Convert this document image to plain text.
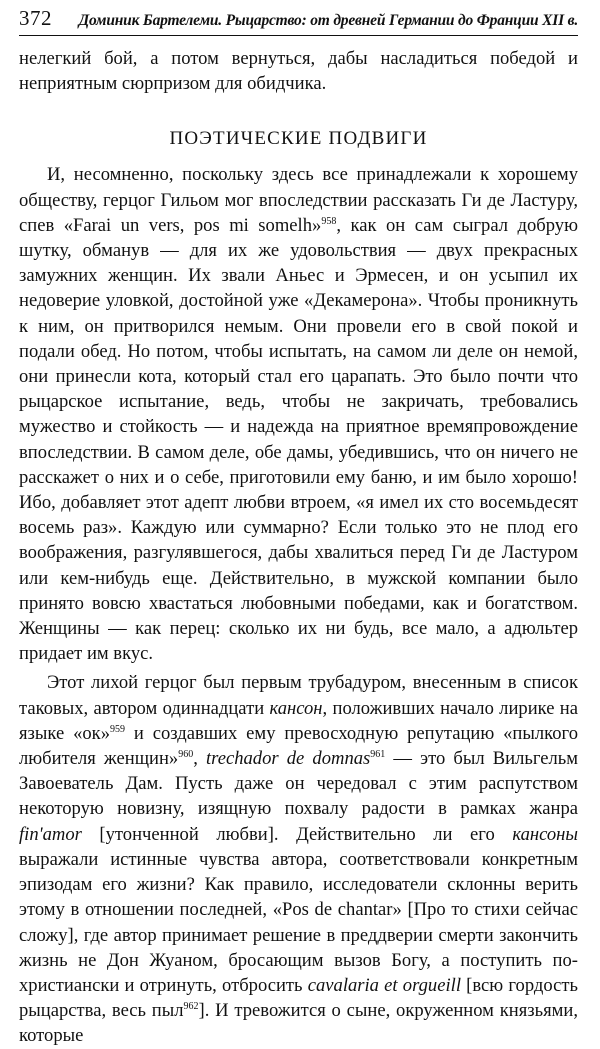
372 Доминик Бартелеми. Рыцарство: от древней Германии до Франции XII в.

нелегкий бой, а потом вернуться, дабы насладиться победой и неприятным сюрпризом для обидчика.

ПОЭТИЧЕСКИЕ ПОДВИГИ

И, несомненно, поскольку здесь все принадлежали к хорошему обществу, герцог Гильом мог впоследствии рассказать Ги де Ластуру, спев «Farai un vers, pos mi somelh»$^{958}$, как он сам сыграл добрую шутку, обманув — для их же удовольствия — двух прекрасных замужних женщин. Их звали Аньес и Эрмесен, и он усыпил их недоверие уловкой, достойной уже «Декамерона». Чтобы проникнуть к ним, он притворился немым. Они провели его в свой покой и подали обед. Но потом, чтобы испытать, на самом ли деле он немой, они принесли кота, который стал его царапать. Это было почти что рыцарское испытание, ведь, чтобы не закричать, требовались мужество и стойкость — и надежда на приятное времяпровождение впоследствии. В самом деле, обе дамы, убедившись, что он ничего не расскажет о них и о себе, приготовили ему баню, и им было хорошо! Ибо, добавляет этот адепт любви втроем, «я имел их сто восемьдесят восемь раз». Каждую или суммарно? Если только это не плод его воображения, разгулявшегося, дабы хвалиться перед Ги де Ластуром или кем-нибудь еще. Действительно, в мужской компании было принято вовсю хвастаться любовными победами, как и богатством. Женщины — как перец: сколько их ни будь, все мало, а адюльтер придает им вкус.

Этот лихой герцог был первым трубадуром, внесенным в список таковых, автором одиннадцати кансон, положивших начало лирике на языке «ок»$^{959}$ и создавших ему превосходную репутацию «пылкого любителя женщин»$^{960}$, trechador de domnas$^{961}$ — это был Вильгельм Завоеватель Дам. Пусть даже он чередовал с этим распутством некоторую новизну, изящную похвалу радости в рамках жанра fin'amor [утонченной любви]. Действительно ли его кансоны выражали истинные чувства автора, соответствовали конкретным эпизодам его жизни? Как правило, исследователи склонны верить этому в отношении последней, «Pos de chantar» [Про то стихи сейчас сложу], где автор принимает решение в преддверии смерти закончить жизнь не Дон Жуаном, бросающим вызов Богу, а поступить по-христиански и отринуть, отбросить cavalaria et orgueill [всю гордость рыцарства, весь пыл$^{962}$]. И тревожится о сыне, окруженном князьями, которые
